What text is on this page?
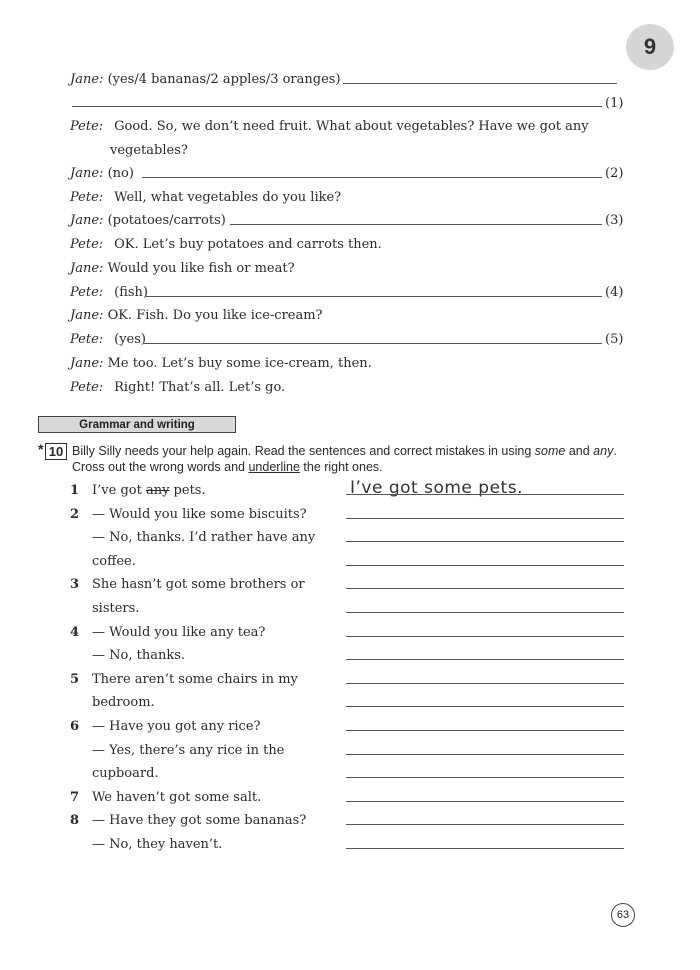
9
Jane: (yes/4 bananas/2 apples/3 oranges)
(1)
Pete: Good. So, we don’t need fruit. What about vegetables? Have we got any
vegetables?
Jane: (no)	(2)
Pete: Well, what vegetables do you like?
Jane: (potatoes/carrots)	(3)
Pete: OK. Let’s buy potatoes and carrots then.
Jane: Would you like fish or meat?
Pete: (fish)	(4)
Jane: OK. Fish. Do you like ice-cream?
Pete: (yes)	(5)
Jane: Me too. Let’s buy some ice-cream, then.
Pete: Right! That’s all. Let’s go.
Grammar and writing
* 10 Billy Silly needs your help again. Read the sentences and correct mistakes in using some and any. Cross out the wrong words and underline the right ones.
1 I’ve got any pets.	I’ve got some pets.
2 — Would you like some biscuits?
— No, thanks. I’d rather have any
coffee.
3 She hasn’t got some brothers or
sisters.
4 — Would you like any tea?
— No, thanks.
5 There aren’t some chairs in my
bedroom.
6 — Have you got any rice?
— Yes, there’s any rice in the
cupboard.
7 We haven’t got some salt.
8 — Have they got some bananas?
— No, they haven’t.
63
